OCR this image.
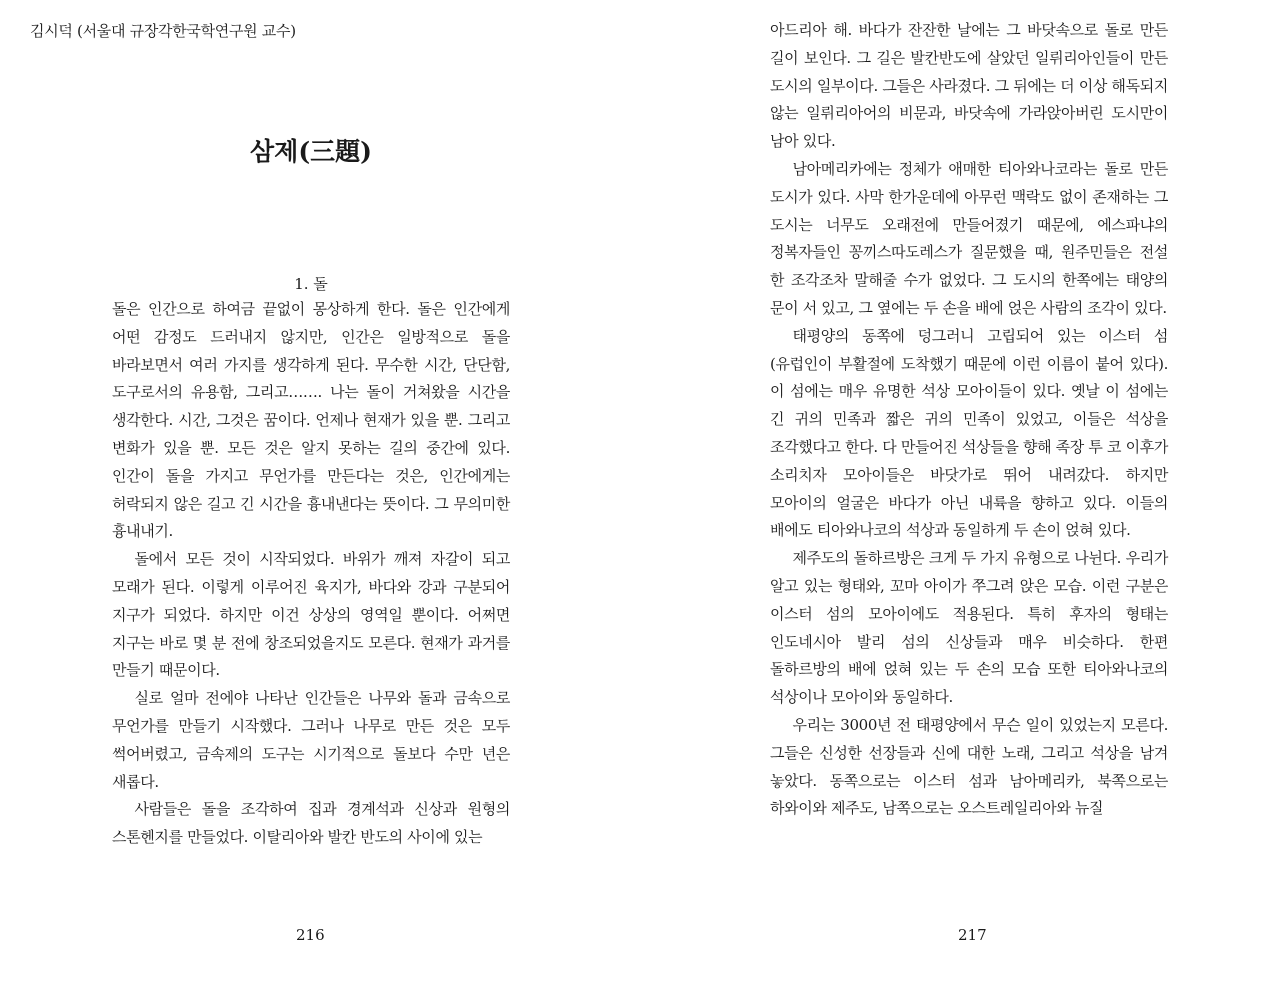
김시덕 (서울대 규장각한국학연구원 교수)
삼제(三題)
1. 돌

돌은 인간으로 하여금 끝없이 몽상하게 한다. 돌은 인간에게 어떤 감정도 드러내지 않지만, 인간은 일방적으로 돌을 바라보면서 여러 가지를 생각하게 된다. 무수한 시간, 단단함, 도구로서의 유용함, 그리고……. 나는 돌이 거쳐왔을 시간을 생각한다. 시간, 그것은 꿈이다. 언제나 현재가 있을 뿐. 그리고 변화가 있을 뿐. 모든 것은 알지 못하는 길의 중간에 있다. 인간이 돌을 가지고 무언가를 만든다는 것은, 인간에게는 허락되지 않은 길고 긴 시간을 흉내낸다는 뜻이다. 그 무의미한 흉내내기.

돌에서 모든 것이 시작되었다. 바위가 깨져 자갈이 되고 모래가 된다. 이렇게 이루어진 육지가, 바다와 강과 구분되어 지구가 되었다. 하지만 이건 상상의 영역일 뿐이다. 어쩌면 지구는 바로 몇 분 전에 창조되었을지도 모른다. 현재가 과거를 만들기 때문이다.

실로 얼마 전에야 나타난 인간들은 나무와 돌과 금속으로 무언가를 만들기 시작했다. 그러나 나무로 만든 것은 모두 썩어버렸고, 금속제의 도구는 시기적으로 돌보다 수만 년은 새롭다.

사람들은 돌을 조각하여 집과 경계석과 신상과 원형의 스톤헨지를 만들었다. 이탈리아와 발칸 반도의 사이에 있는

216

아드리아 해. 바다가 잔잔한 날에는 그 바닷속으로 돌로 만든 길이 보인다. 그 길은 발칸반도에 살았던 일뤼리아인들이 만든 도시의 일부이다. 그들은 사라졌다. 그 뒤에는 더 이상 해독되지 않는 일뤼리아어의 비문과, 바닷속에 가라앉아버린 도시만이 남아 있다.

남아메리카에는 정체가 애매한 티아와나코라는 돌로 만든 도시가 있다. 사막 한가운데에 아무런 맥락도 없이 존재하는 그 도시는 너무도 오래전에 만들어졌기 때문에, 에스파냐의 정복자들인 꽁끼스따도레스가 질문했을 때, 원주민들은 전설 한 조각조차 말해줄 수가 없었다. 그 도시의 한쪽에는 태양의 문이 서 있고, 그 옆에는 두 손을 배에 얹은 사람의 조각이 있다.

태평양의 동쪽에 덩그러니 고립되어 있는 이스터 섬(유럽인이 부활절에 도착했기 때문에 이런 이름이 붙어 있다). 이 섬에는 매우 유명한 석상 모아이들이 있다. 옛날 이 섬에는 긴 귀의 민족과 짧은 귀의 민족이 있었고, 이들은 석상을 조각했다고 한다. 다 만들어진 석상들을 향해 족장 투 코 이후가 소리치자 모아이들은 바닷가로 뛰어 내려갔다. 하지만 모아이의 얼굴은 바다가 아닌 내륙을 향하고 있다. 이들의 배에도 티아와나코의 석상과 동일하게 두 손이 얹혀 있다.

제주도의 돌하르방은 크게 두 가지 유형으로 나뉜다. 우리가 알고 있는 형태와, 꼬마 아이가 쭈그려 앉은 모습. 이런 구분은 이스터 섬의 모아이에도 적용된다. 특히 후자의 형태는 인도네시아 발리 섬의 신상들과 매우 비슷하다. 한편 돌하르방의 배에 얹혀 있는 두 손의 모습 또한 티아와나코의 석상이나 모아이와 동일하다.

우리는 3000년 전 태평양에서 무슨 일이 있었는지 모른다. 그들은 신성한 선장들과 신에 대한 노래, 그리고 석상을 남겨 놓았다. 동쪽으로는 이스터 섬과 남아메리카, 북쪽으로는 하와이와 제주도, 남쪽으로는 오스트레일리아와 뉴질

217
